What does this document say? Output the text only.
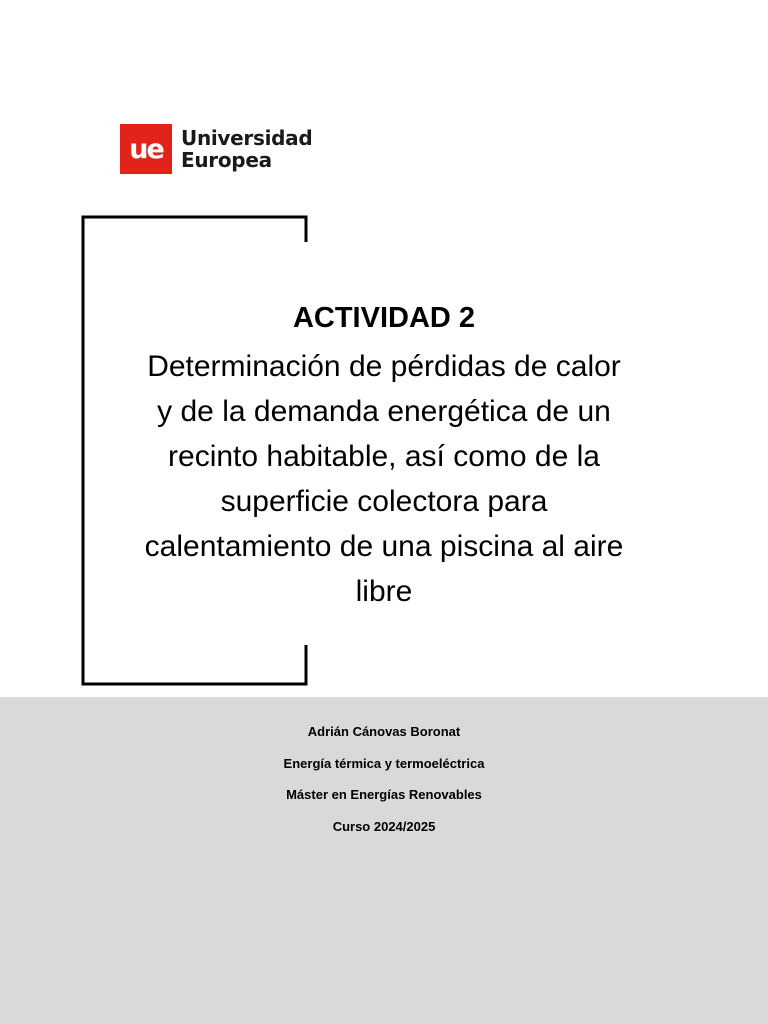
ue Universidad
Europea
ACTIVIDAD 2
Determinación de pérdidas de calor
y de la demanda energética de un
recinto habitable, así como de la
superficie colectora para
calentamiento de una piscina al aire
libre
Adrián Cánovas Boronat
Energía térmica y termoeléctrica
Máster en Energías Renovables
Curso 2024/2025
